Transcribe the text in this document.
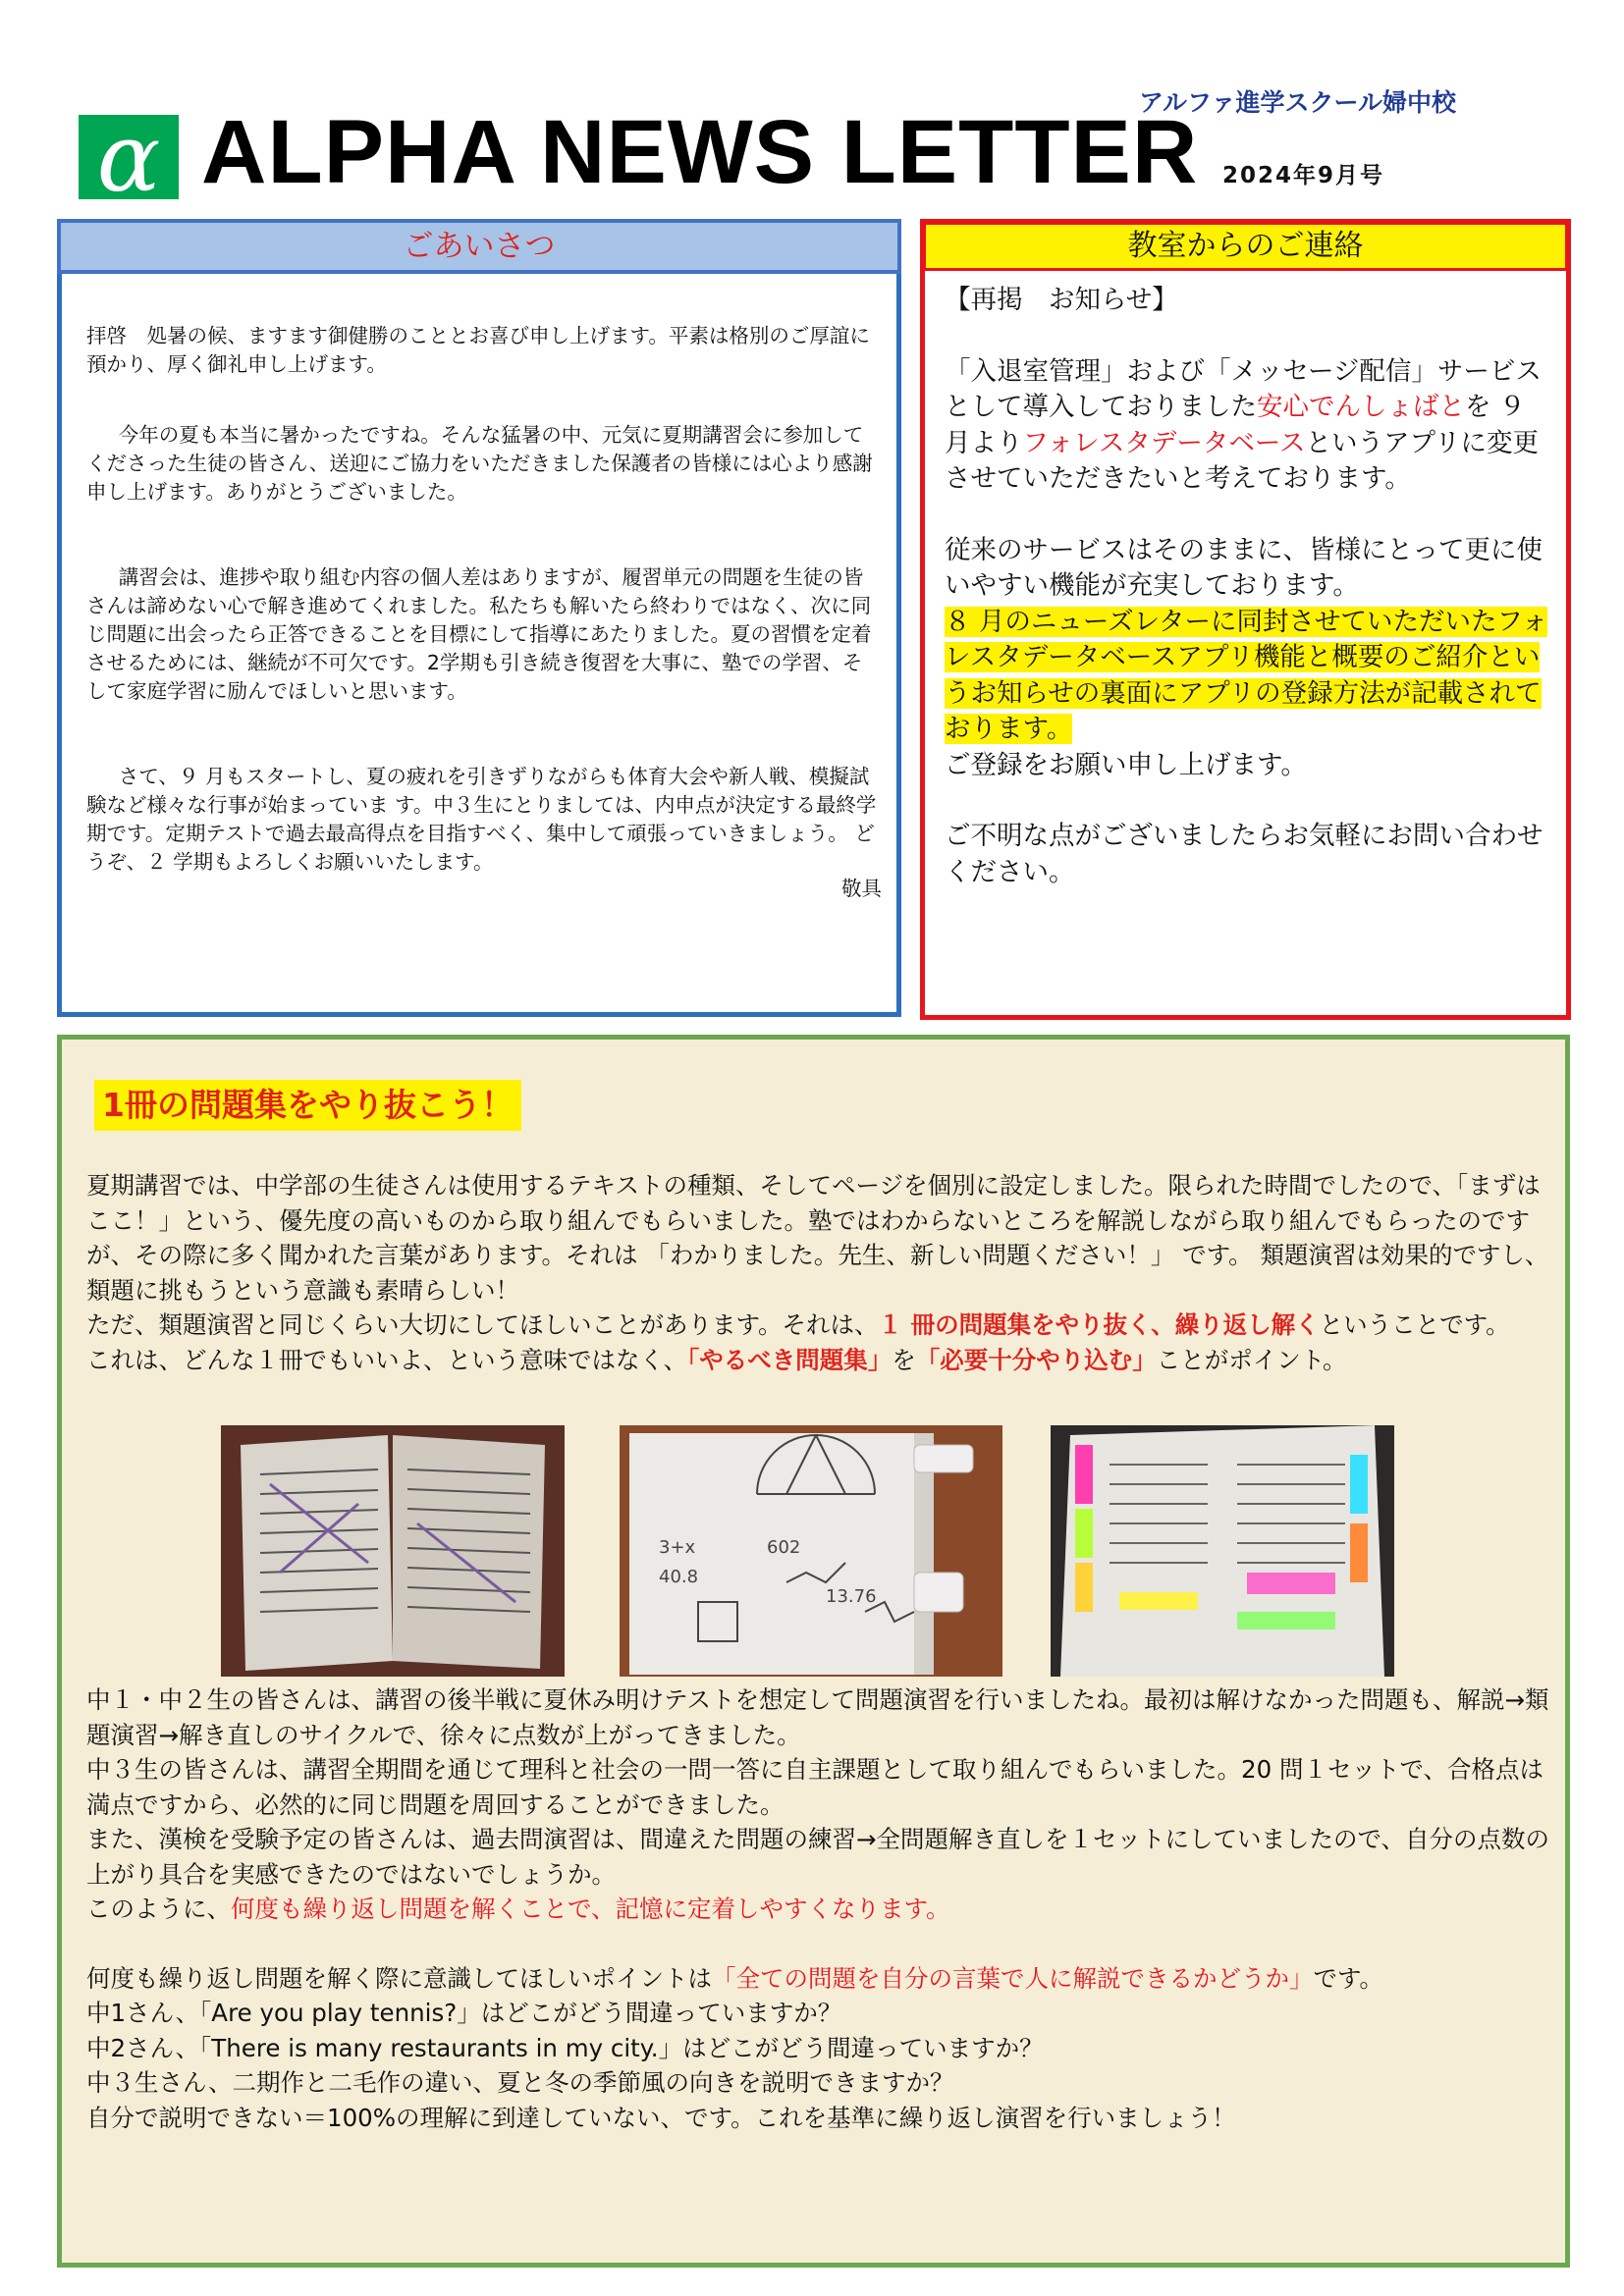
α ALPHA NEWS LETTER
アルファ進学スクール婦中校
2024年9月号
ごあいさつ

拝啓　処暑の候、ますます御健勝のこととお喜び申し上げます。平素は格別のご厚誼に預かり、厚く御礼申し上げます。

今年の夏も本当に暑かったですね。そんな猛暑の中、元気に夏期講習会に参加してくださった生徒の皆さん、送迎にご協力をいただきました保護者の皆様には心より感謝申し上げます。ありがとうございました。

講習会は、進捗や取り組む内容の個人差はありますが、履習単元の問題を生徒の皆さんは諦めない心で解き進めてくれました。私たちも解いたら終わりではなく、次に同じ問題に出会ったら正答できることを目標にして指導にあたりました。夏の習慣を定着させるためには、継続が不可欠です。2学期も引き続き復習を大事に、塾での学習、そして家庭学習に励んでほしいと思います。

さて、９ 月もスタートし、夏の疲れを引きずりながらも体育大会や新人戦、模擬試験など様々な行事が始まっていま す。中３生にとりましては、内申点が決定する最終学期です。定期テストで過去最高得点を目指すべく、集中して頑張っていきましょう。 どうぞ、２ 学期もよろしくお願いいたします。

敬具

教室からのご連絡

【再掲　お知らせ】

「入退室管理」および「メッセージ配信」サービスとして導入しておりました安心でんしょばとを ９ 月よりフォレスタデータベースというアプリに変更させていただきたいと考えております。

従来のサービスはそのままに、皆様にとって更に使いやすい機能が充実しております。

８ 月のニューズレターに同封させていただいたフォレスタデータベースアプリ機能と概要のご紹介というお知らせの裏面にアプリの登録方法が記載されております。

ご登録をお願い申し上げます。

ご不明な点がございましたらお気軽にお問い合わせください。

1冊の問題集をやり抜こう！

夏期講習では、中学部の生徒さんは使用するテキストの種類、そしてページを個別に設定しました。限られた時間でしたので、「まずはここ！」という、優先度の高いものから取り組んでもらいました。塾ではわからないところを解説しながら取り組んでもらったのですが、その際に多く聞かれた言葉があります。それは 「わかりました。先生、新しい問題ください！」 です。 類題演習は効果的ですし、類題に挑もうという意識も素晴らしい！

ただ、類題演習と同じくらい大切にしてほしいことがあります。それは、１ 冊の問題集をやり抜く、繰り返し解くということです。

これは、どんな１冊でもいいよ、という意味ではなく、「やるべき問題集」を「必要十分やり込む」ことがポイント。

3+x
40.8
602
13.76

中１・中２生の皆さんは、講習の後半戦に夏休み明けテストを想定して問題演習を行いましたね。最初は解けなかった問題も、解説→類題演習→解き直しのサイクルで、徐々に点数が上がってきました。

中３生の皆さんは、講習全期間を通じて理科と社会の一問一答に自主課題として取り組んでもらいました。20 問１セットで、合格点は満点ですから、必然的に同じ問題を周回することができました。

また、漢検を受験予定の皆さんは、過去問演習は、間違えた問題の練習→全問題解き直しを１セットにしていましたので、自分の点数の上がり具合を実感できたのではないでしょうか。

このように、何度も繰り返し問題を解くことで、記憶に定着しやすくなります。

何度も繰り返し問題を解く際に意識してほしいポイントは「全ての問題を自分の言葉で人に解説できるかどうか」です。

中1さん、「Are you play tennis?」はどこがどう間違っていますか？

中2さん、「There is many restaurants in my city.」はどこがどう間違っていますか？

中３生さん、二期作と二毛作の違い、夏と冬の季節風の向きを説明できますか？

自分で説明できない＝100%の理解に到達していない、です。これを基準に繰り返し演習を行いましょう！
